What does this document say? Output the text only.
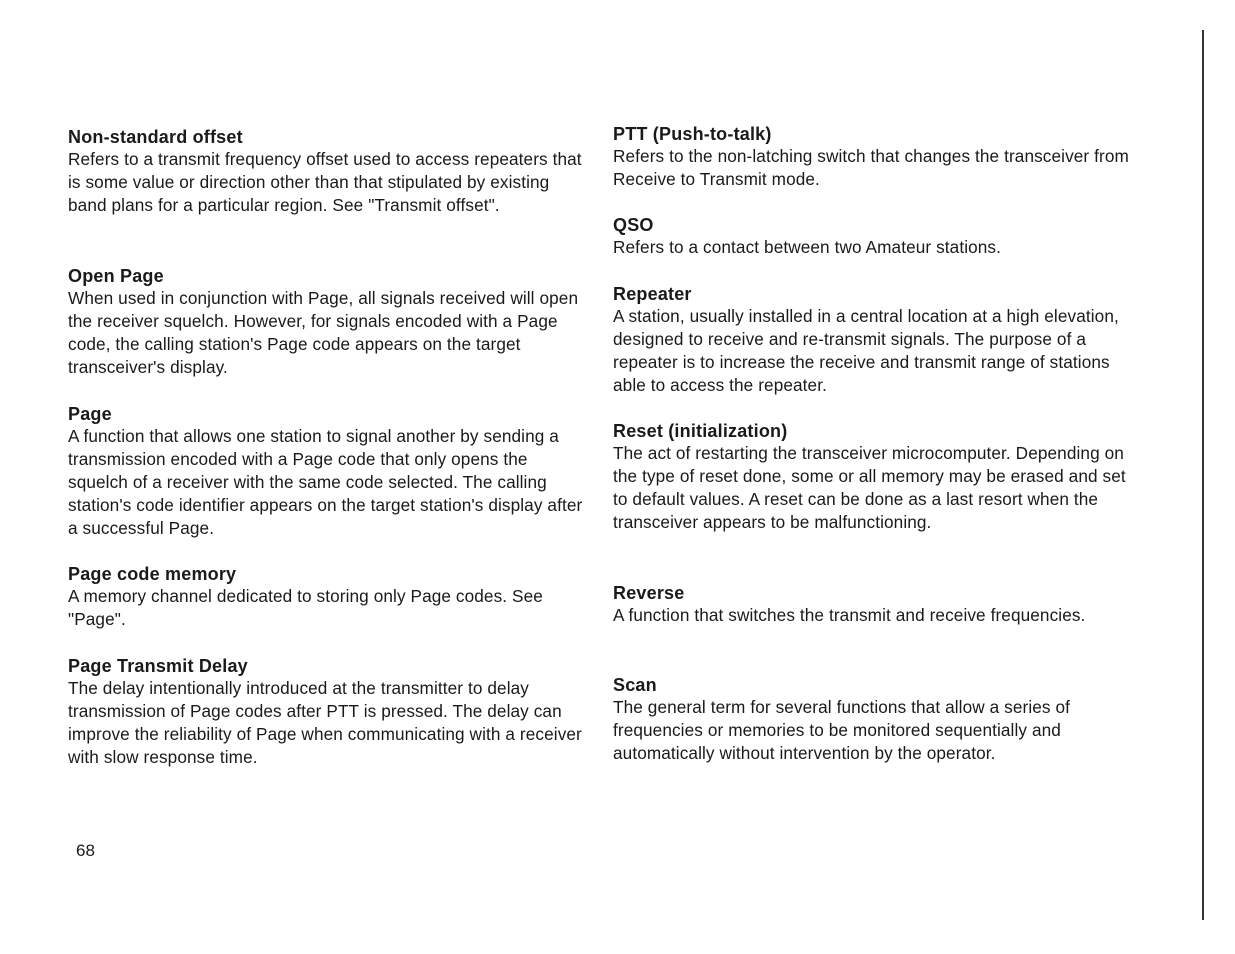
Non-standard offset

Refers to a transmit frequency offset used to access repeaters that is some value or direction other than that stipulated by existing band plans for a particular region. See "Transmit offset".

Open Page

When used in conjunction with Page, all signals received will open the receiver squelch. However, for signals encoded with a Page code, the calling station's Page code appears on the target transceiver's display.

Page

A function that allows one station to signal another by sending a transmission encoded with a Page code that only opens the squelch of a receiver with the same code selected. The calling station's code identifier appears on the target station's display after a successful Page.

Page code memory

A memory channel dedicated to storing only Page codes. See "Page".

Page Transmit Delay

The delay intentionally introduced at the transmitter to delay transmission of Page codes after PTT is pressed. The delay can improve the reliability of Page when communicating with a receiver with slow response time.

PTT (Push-to-talk)

Refers to the non-latching switch that changes the transceiver from Receive to Transmit mode.

QSO

Refers to a contact between two Amateur stations.

Repeater

A station, usually installed in a central location at a high elevation, designed to receive and re-transmit signals. The purpose of a repeater is to increase the receive and transmit range of stations able to access the repeater.

Reset (initialization)

The act of restarting the transceiver microcomputer. Depending on the type of reset done, some or all memory may be erased and set to default values. A reset can be done as a last resort when the transceiver appears to be malfunctioning.

Reverse

A function that switches the transmit and receive frequencies.

Scan

The general term for several functions that allow a series of frequencies or memories to be monitored sequentially and automatically without intervention by the operator.

68
